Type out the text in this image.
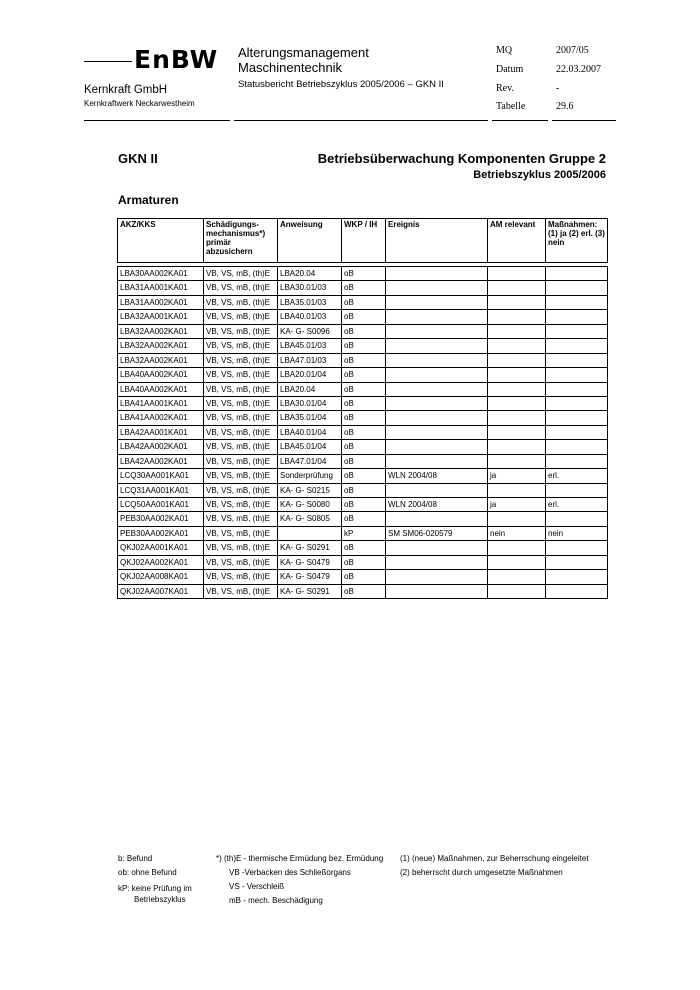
EnBW
Kernkraft GmbH
Kernkraftwerk Neckarwestheim
Alterungsmanagement
Maschinentechnik
Statusbericht Betriebszyklus 2005/2006 – GKN II
MQ	2007/05
Datum	22.03.2007
Rev.	-
Tabelle	29.6
GKN II	Betriebsüberwachung Komponenten Gruppe 2
Betriebszyklus 2005/2006
Armaturen
AKZ/KKS	Schädigungs- mechanismus*) primär abzusichern	Anweisung	WKP / IH	Ereignis	AM relevant	Maßnahmen: (1) ja (2) erl. (3) nein

LBA30AA002KA01	VB, VS, mB, (th)E	LBA20.04	oB			
LBA31AA001KA01	VB, VS, mB, (th)E	LBA30.01/03	oB			
LBA31AA002KA01	VB, VS, mB, (th)E	LBA35.01/03	oB			
LBA32AA001KA01	VB, VS, mB, (th)E	LBA40.01/03	oB			
LBA32AA002KA01	VB, VS, mB, (th)E	KA- G- S0096	oB			
LBA32AA002KA01	VB, VS, mB, (th)E	LBA45.01/03	oB			
LBA32AA002KA01	VB, VS, mB, (th)E	LBA47.01/03	oB			
LBA40AA002KA01	VB, VS, mB, (th)E	LBA20.01/04	oB			
LBA40AA002KA01	VB, VS, mB, (th)E	LBA20.04	oB			
LBA41AA001KA01	VB, VS, mB, (th)E	LBA30.01/04	oB			
LBA41AA002KA01	VB, VS, mB, (th)E	LBA35.01/04	oB			
LBA42AA001KA01	VB, VS, mB, (th)E	LBA40.01/04	oB			
LBA42AA002KA01	VB, VS, mB, (th)E	LBA45.01/04	oB			
LBA42AA002KA01	VB, VS, mB, (th)E	LBA47.01/04	oB			
LCQ30AA001KA01	VB, VS, mB, (th)E	Sonderprüfung	oB	WLN 2004/08	ja	erl.
LCQ31AA001KA01	VB, VS, mB, (th)E	KA- G- S0215	oB			
LCQ50AA001KA01	VB, VS, mB, (th)E	KA- G- S0080	oB	WLN 2004/08	ja	erl.
PEB30AA002KA01	VB, VS, mB, (th)E	KA- G- S0805	oB			
PEB30AA002KA01	VB, VS, mB, (th)E		kP	SM SM06-020579	nein	nein
QKJ02AA001KA01	VB, VS, mB, (th)E	KA- G- S0291	oB			
QKJ02AA002KA01	VB, VS, mB, (th)E	KA- G- S0479	oB			
QKJ02AA008KA01	VB, VS, mB, (th)E	KA- G- S0479	oB			
QKJ02AA007KA01	VB, VS, mB, (th)E	KA- G- S0291	oB			
b: Befund
ob: ohne Befund
kP: keine Prüfung im
Betriebszyklus
*) (th)E - thermische Ermüdung bez. Ermüdung
VB -Verbacken des Schließorgans
VS - Verschleiß
mB - mech. Beschädigung
(1) (neue) Maßnahmen, zur Beherrschung eingeleitet
(2) beherrscht durch umgesetzte Maßnahmen
